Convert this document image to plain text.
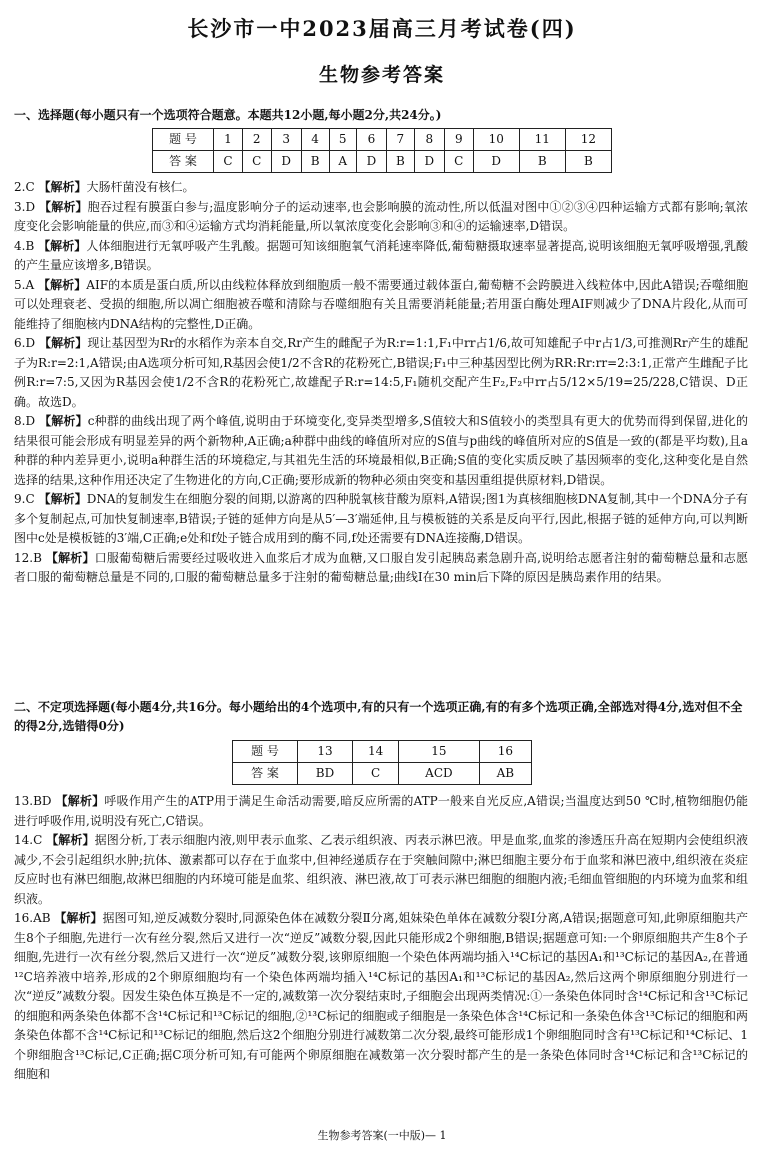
长沙市一中2023届高三月考试卷(四)
生物参考答案
一、选择题(每小题只有一个选项符合题意。本题共12小题,每小题2分,共24分。)
题 号	1	2	3	4	5	6	7	8	9	10	11	12
答 案	C	C	D	B	A	D	B	D	C	D	B	B

2.C 【解析】大肠杆菌没有核仁。

3.D 【解析】胞吞过程有膜蛋白参与;温度影响分子的运动速率,也会影响膜的流动性,所以低温对图中①②③④四种运输方式都有影响;氧浓度变化会影响能量的供应,而③和④运输方式均消耗能量,所以氧浓度变化会影响③和④的运输速率,D错误。

4.B 【解析】人体细胞进行无氧呼吸产生乳酸。据题可知该细胞氧气消耗速率降低,葡萄糖摄取速率显著提高,说明该细胞无氧呼吸增强,乳酸的产生量应该增多,B错误。

5.A 【解析】AIF的本质是蛋白质,所以由线粒体释放到细胞质一般不需要通过载体蛋白,葡萄糖不会跨膜进入线粒体中,因此A错误;吞噬细胞可以处理衰老、受损的细胞,所以凋亡细胞被吞噬和清除与吞噬细胞有关且需要消耗能量;若用蛋白酶处理AIF则减少了DNA片段化,从而可能维持了细胞核内DNA结构的完整性,D正确。

6.D 【解析】现让基因型为Rr的水稻作为亲本自交,Rr产生的雌配子为R:r=1:1,F₁中rr占1/6,故可知雄配子中r占1/3,可推测Rr产生的雄配子为R:r=2:1,A错误;由A选项分析可知,R基因会使1/2不含R的花粉死亡,B错误;F₁中三种基因型比例为RR:Rr:rr=2:3:1,正常产生雌配子比例R:r=7:5,又因为R基因会使1/2不含R的花粉死亡,故雄配子R:r=14:5,F₁随机交配产生F₂,F₂中rr占5/12×5/19=25/228,C错误、D正确。故选D。

8.D 【解析】c种群的曲线出现了两个峰值,说明由于环境变化,变异类型增多,S值较大和S值较小的类型具有更大的优势而得到保留,进化的结果很可能会形成有明显差异的两个新物种,A正确;a种群中曲线的峰值所对应的S值与p曲线的峰值所对应的S值是一致的(都是平均数),且a种群的种内差异更小,说明a种群生活的环境稳定,与其祖先生活的环境最相似,B正确;S值的变化实质反映了基因频率的变化,这种变化是自然选择的结果,这种作用还决定了生物进化的方向,C正确;要形成新的物种必须由突变和基因重组提供原材料,D错误。

9.C 【解析】DNA的复制发生在细胞分裂的间期,以游离的四种脱氧核苷酸为原料,A错误;图1为真核细胞核DNA复制,其中一个DNA分子有多个复制起点,可加快复制速率,B错误;子链的延伸方向是从5′—3′端延伸,且与模板链的关系是反向平行,因此,根据子链的延伸方向,可以判断图中c处是模板链的3′端,C正确;e处和f处子链合成用到的酶不同,f处还需要有DNA连接酶,D错误。

12.B 【解析】口服葡萄糖后需要经过吸收进入血浆后才成为血糖,又口服自发引起胰岛素急剧升高,说明给志愿者注射的葡萄糖总量和志愿者口服的葡萄糖总量是不同的,口服的葡萄糖总量多于注射的葡萄糖总量;曲线Ⅰ在30 min后下降的原因是胰岛素作用的结果。

二、不定项选择题(每小题4分,共16分。每小题给出的4个选项中,有的只有一个选项正确,有的有多个选项正确,全部选对得4分,选对但不全的得2分,选错得0分)
题 号	13	14	15	16
答 案	BD	C	ACD	AB

13.BD 【解析】呼吸作用产生的ATP用于满足生命活动需要,暗反应所需的ATP一般来自光反应,A错误;当温度达到50 ℃时,植物细胞仍能进行呼吸作用,说明没有死亡,C错误。

14.C 【解析】据图分析,丁表示细胞内液,则甲表示血浆、乙表示组织液、丙表示淋巴液。甲是血浆,血浆的渗透压升高在短期内会使组织液减少,不会引起组织水肿;抗体、激素都可以存在于血浆中,但神经递质存在于突触间隙中;淋巴细胞主要分布于血浆和淋巴液中,组织液在炎症反应时也有淋巴细胞,故淋巴细胞的内环境可能是血浆、组织液、淋巴液,故丁可表示淋巴细胞的细胞内液;毛细血管细胞的内环境为血浆和组织液。

16.AB 【解析】据图可知,逆反减数分裂时,同源染色体在减数分裂Ⅱ分离,姐妹染色单体在减数分裂Ⅰ分离,A错误;据题意可知,此卵原细胞共产生8个子细胞,先进行一次有丝分裂,然后又进行一次“逆反”减数分裂,因此只能形成2个卵细胞,B错误;据题意可知:一个卵原细胞共产生8个子细胞,先进行一次有丝分裂,然后又进行一次“逆反”减数分裂,该卵原细胞一个染色体两端均插入¹⁴C标记的基因A₁和¹³C标记的基因A₂,在普通¹²C培养液中培养,形成的2个卵原细胞均有一个染色体两端均插入¹⁴C标记的基因A₁和¹³C标记的基因A₂,然后这两个卵原细胞分别进行一次“逆反”减数分裂。因发生染色体互换是不一定的,减数第一次分裂结束时,子细胞会出现两类情况:①一条染色体同时含¹⁴C标记和含¹³C标记的细胞和两条染色体都不含¹⁴C标记和¹³C标记的细胞,②¹³C标记的细胞或子细胞是一条染色体含¹⁴C标记和一条染色体含¹³C标记的细胞和两条染色体都不含¹⁴C标记和¹³C标记的细胞,然后这2个细胞分别进行减数第二次分裂,最终可能形成1个卵细胞同时含有¹³C标记和¹⁴C标记、1个卵细胞含¹³C标记,C正确;据C项分析可知,有可能两个卵原细胞在减数第一次分裂时都产生的是一条染色体同时含¹⁴C标记和含¹³C标记的细胞和

生物参考答案(一中版)— 1
